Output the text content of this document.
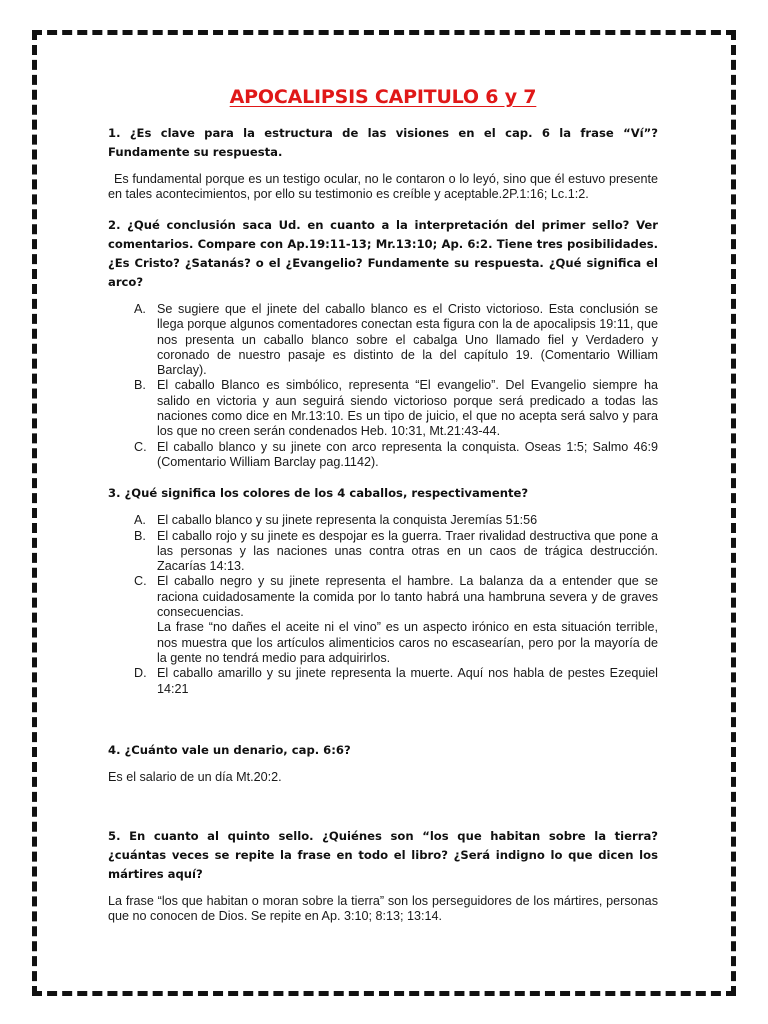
APOCALIPSIS CAPITULO 6 y 7

1. ¿Es clave para la estructura de las visiones en el cap. 6 la frase “Ví”? Fundamente su respuesta.

Es fundamental porque es un testigo ocular, no le contaron o lo leyó, sino que él estuvo presente en tales acontecimientos, por ello su testimonio es creíble y aceptable.2P.1:16; Lc.1:2.

2. ¿Qué conclusión saca Ud. en cuanto a la interpretación del primer sello? Ver comentarios. Compare con Ap.19:11-13; Mr.13:10; Ap. 6:2. Tiene tres posibilidades. ¿Es Cristo? ¿Satanás? o el ¿Evangelio? Fundamente su respuesta. ¿Qué significa el arco?

A. Se sugiere que el jinete del caballo blanco es el Cristo victorioso. Esta conclusión se llega porque algunos comentadores conectan esta figura con la de apocalipsis 19:11, que nos presenta un caballo blanco sobre el cabalga Uno llamado fiel y Verdadero y coronado de nuestro pasaje es distinto de la del capítulo 19. (Comentario William Barclay).
B. El caballo Blanco es simbólico, representa “El evangelio”. Del Evangelio siempre ha salido en victoria y aun seguirá siendo victorioso porque será predicado a todas las naciones como dice en Mr.13:10. Es un tipo de juicio, el que no acepta será salvo y para los que no creen serán condenados Heb. 10:31, Mt.21:43-44.
C. El caballo blanco y su jinete con arco representa la conquista. Oseas 1:5; Salmo 46:9 (Comentario William Barclay pag.1142).

3. ¿Qué significa los colores de los 4 caballos, respectivamente?

A. El caballo blanco y su jinete representa la conquista Jeremías 51:56
B. El caballo rojo y su jinete es despojar es la guerra. Traer rivalidad destructiva que pone a las personas y las naciones unas contra otras en un caos de trágica destrucción. Zacarías 14:13.
C. El caballo negro y su jinete representa el hambre. La balanza da a entender que se raciona cuidadosamente la comida por lo tanto habrá una hambruna severa y de graves consecuencias.
La frase “no dañes el aceite ni el vino” es un aspecto irónico en esta situación terrible, nos muestra que los artículos alimenticios caros no escasearían, pero por la mayoría de la gente no tendrá medio para adquirirlos.
D. El caballo amarillo y su jinete representa la muerte. Aquí nos habla de pestes Ezequiel 14:21

4. ¿Cuánto vale un denario, cap. 6:6?

Es el salario de un día Mt.20:2.

5. En cuanto al quinto sello. ¿Quiénes son “los que habitan sobre la tierra? ¿cuántas veces se repite la frase en todo el libro? ¿Será indigno lo que dicen los mártires aquí?

La frase “los que habitan o moran sobre la tierra” son los perseguidores de los mártires, personas que no conocen de Dios. Se repite en Ap. 3:10; 8:13; 13:14.
